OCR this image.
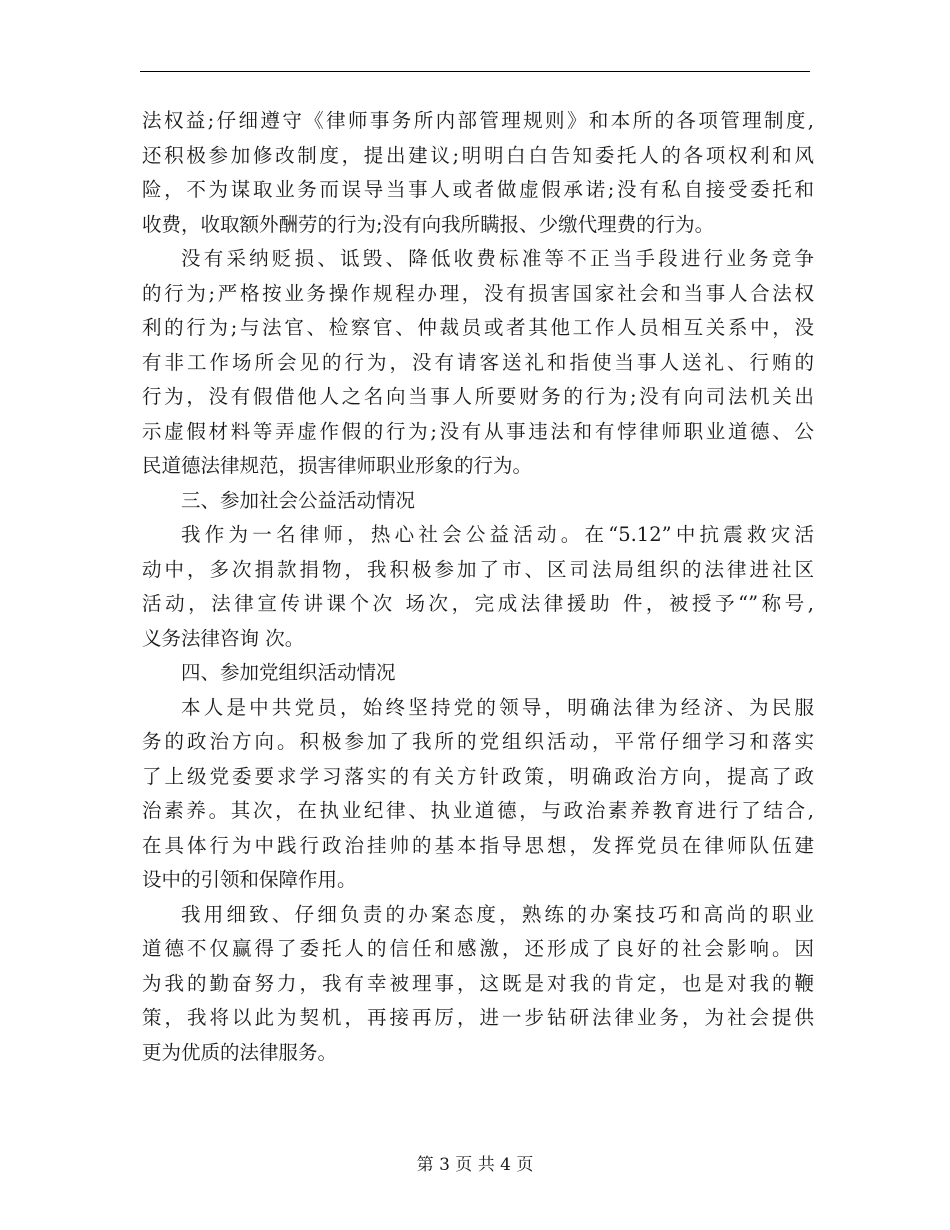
法权益;仔细遵守《律师事务所内部管理规则》和本所的各项管理制度,
还积极参加修改制度，提出建议;明明白白告知委托人的各项权利和风
险，不为谋取业务而误导当事人或者做虚假承诺;没有私自接受委托和
收费，收取额外酬劳的行为;没有向我所瞒报、少缴代理费的行为。
没有采纳贬损、诋毁、降低收费标准等不正当手段进行业务竞争
的行为;严格按业务操作规程办理，没有损害国家社会和当事人合法权
利的行为;与法官、检察官、仲裁员或者其他工作人员相互关系中，没
有非工作场所会见的行为，没有请客送礼和指使当事人送礼、行贿的
行为，没有假借他人之名向当事人所要财务的行为;没有向司法机关出
示虚假材料等弄虚作假的行为;没有从事违法和有悖律师职业道德、公
民道德法律规范，损害律师职业形象的行为。
三、参加社会公益活动情况
我作为一名律师，热心社会公益活动。在“5.12”中抗震救灾活
动中，多次捐款捐物，我积极参加了市、区司法局组织的法律进社区
活动，法律宣传讲课个次 场次，完成法律援助 件，被授予“”称号,
义务法律咨询 次。
四、参加党组织活动情况
本人是中共党员，始终坚持党的领导，明确法律为经济、为民服
务的政治方向。积极参加了我所的党组织活动，平常仔细学习和落实
了上级党委要求学习落实的有关方针政策，明确政治方向，提高了政
治素养。其次，在执业纪律、执业道德，与政治素养教育进行了结合,
在具体行为中践行政治挂帅的基本指导思想，发挥党员在律师队伍建
设中的引领和保障作用。
我用细致、仔细负责的办案态度，熟练的办案技巧和高尚的职业
道德不仅赢得了委托人的信任和感激，还形成了良好的社会影响。因
为我的勤奋努力，我有幸被理事，这既是对我的肯定，也是对我的鞭
策，我将以此为契机，再接再厉，进一步钻研法律业务，为社会提供
更为优质的法律服务。
第 3 页 共 4 页
